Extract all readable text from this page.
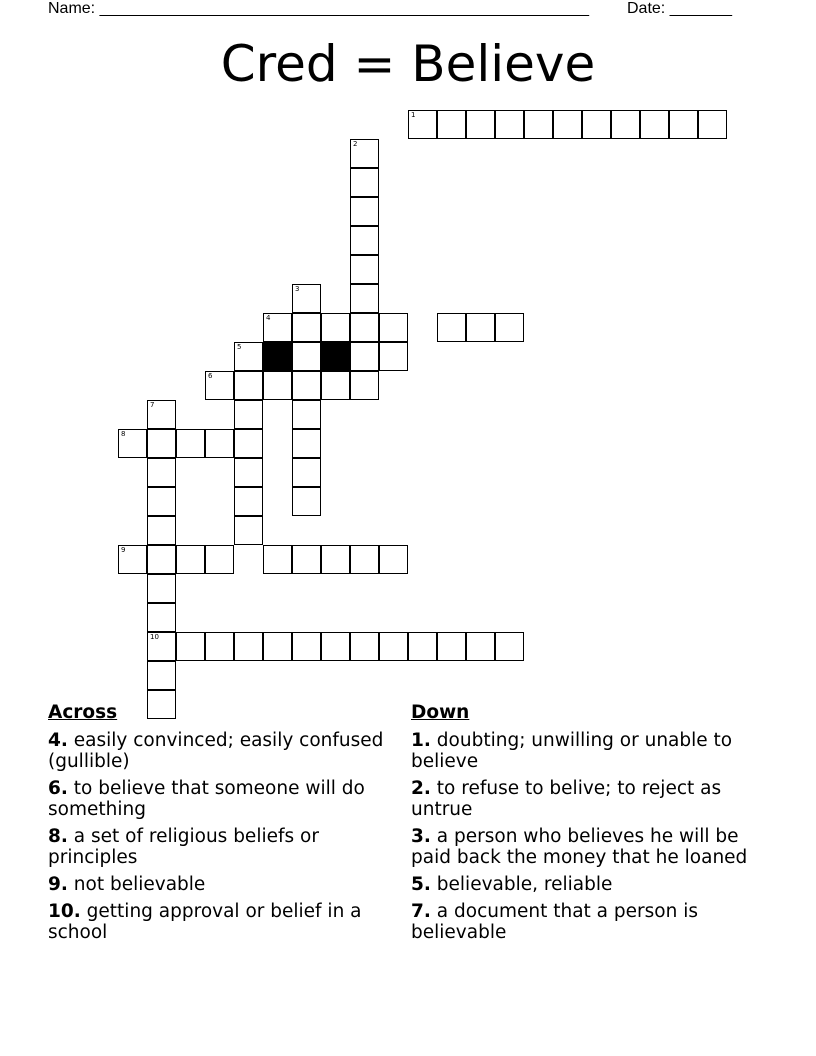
Name: _______________________________________________________ Date: _______
Cred = Believe
1
2
3
4
5
6
7
10
8
9
Across
4. easily convinced; easily confused (gullible)
6. to believe that someone will do something
8. a set of religious beliefs or principles
9. not believable
10. getting approval or belief in a school
Down
1. doubting; unwilling or unable to believe
2. to refuse to belive; to reject as untrue
3. a person who believes he will be paid back the money that he loaned
5. believable, reliable
7. a document that a person is believable
